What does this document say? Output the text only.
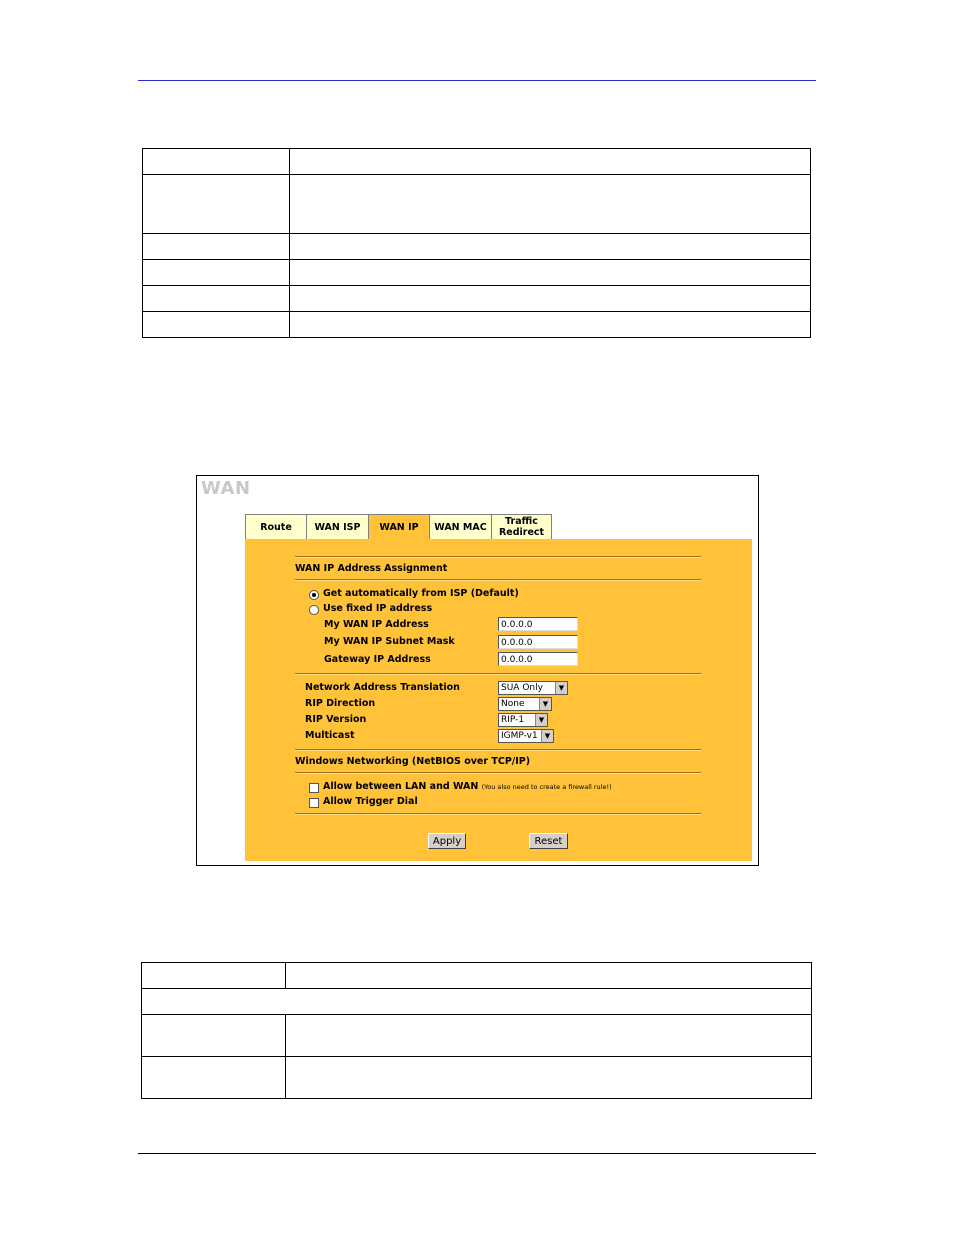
WAN
Route	WAN ISP	WAN IP	WAN MAC	Traffic Redirect
WAN IP Address Assignment
Get automatically from ISP (Default)
Use fixed IP address
My WAN IP Address	0.0.0.0
My WAN IP Subnet Mask	0.0.0.0
Gateway IP Address	0.0.0.0
Network Address Translation	SUA Only	▼
RIP Direction	None	▼
RIP Version	RIP-1	▼
Multicast	IGMP-v1	▼
Windows Networking (NetBIOS over TCP/IP)
Allow between LAN and WAN (You also need to create a firewall rule!)
Allow Trigger Dial
Apply	Reset
